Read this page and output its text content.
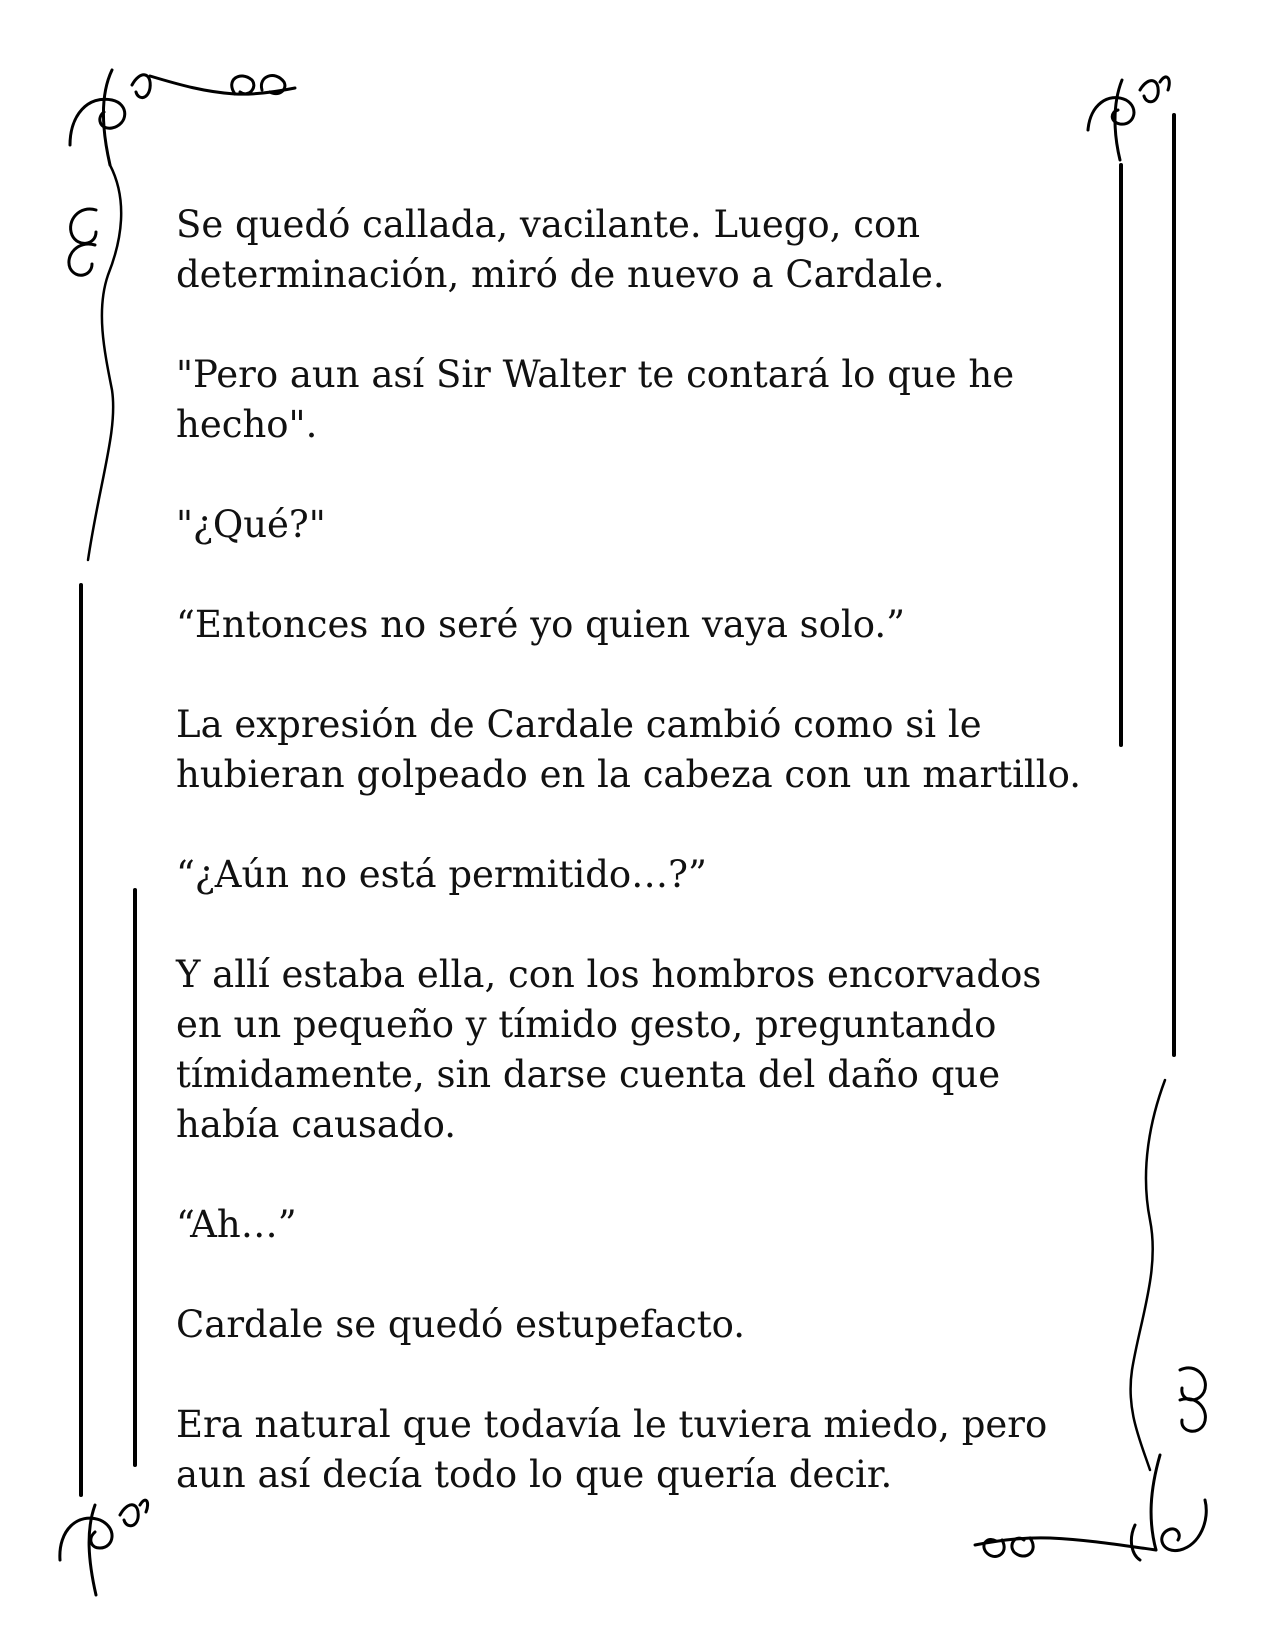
Se quedó callada, vacilante. Luego, con
determinación, miró de nuevo a Cardale.

"Pero aun así Sir Walter te contará lo que he
hecho".

"¿Qué?"

“Entonces no seré yo quien vaya solo.”

La expresión de Cardale cambió como si le
hubieran golpeado en la cabeza con un martillo.

“¿Aún no está permitido…?”

Y allí estaba ella, con los hombros encorvados
en un pequeño y tímido gesto, preguntando
tímidamente, sin darse cuenta del daño que
había causado.

“Ah…”

Cardale se quedó estupefacto.

Era natural que todavía le tuviera miedo, pero
aun así decía todo lo que quería decir.
